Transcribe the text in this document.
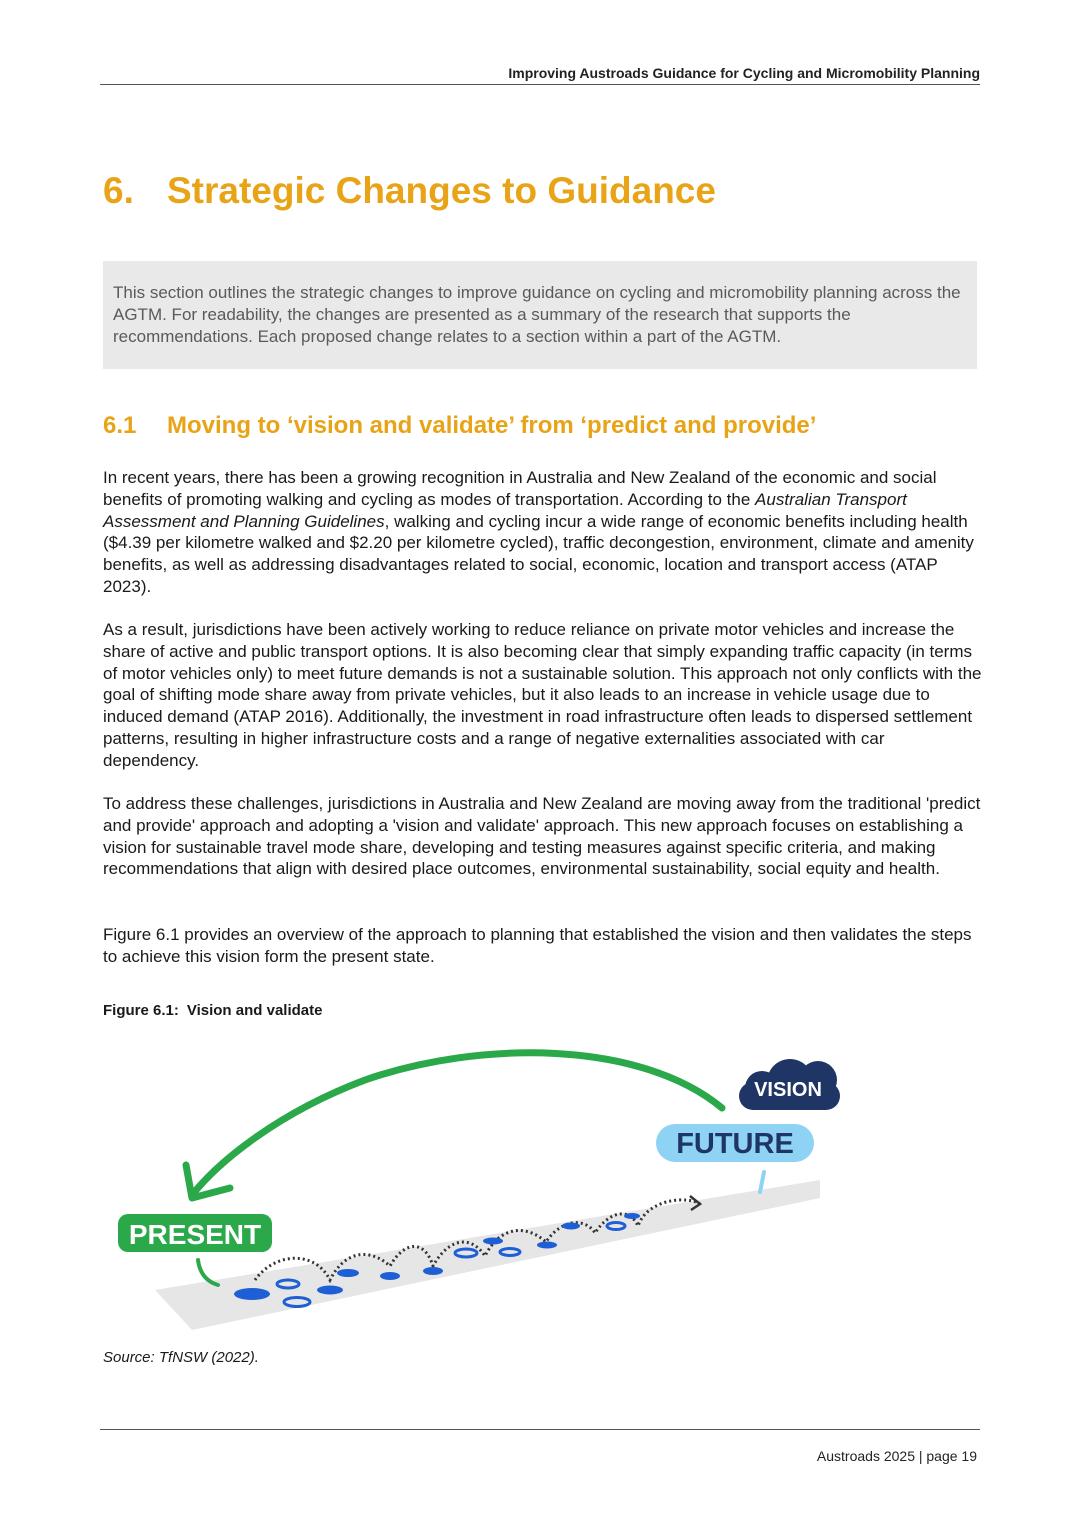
Improving Austroads Guidance for Cycling and Micromobility Planning
6. Strategic Changes to Guidance

This section outlines the strategic changes to improve guidance on cycling and micromobility planning across the AGTM. For readability, the changes are presented as a summary of the research that supports the recommendations. Each proposed change relates to a section within a part of the AGTM.

6.1 Moving to ‘vision and validate’ from ‘predict and provide’

In recent years, there has been a growing recognition in Australia and New Zealand of the economic and social benefits of promoting walking and cycling as modes of transportation. According to the Australian Transport Assessment and Planning Guidelines, walking and cycling incur a wide range of economic benefits including health ($4.39 per kilometre walked and $2.20 per kilometre cycled), traffic decongestion, environment, climate and amenity benefits, as well as addressing disadvantages related to social, economic, location and transport access (ATAP 2023).

As a result, jurisdictions have been actively working to reduce reliance on private motor vehicles and increase the share of active and public transport options. It is also becoming clear that simply expanding traffic capacity (in terms of motor vehicles only) to meet future demands is not a sustainable solution. This approach not only conflicts with the goal of shifting mode share away from private vehicles, but it also leads to an increase in vehicle usage due to induced demand (ATAP 2016). Additionally, the investment in road infrastructure often leads to dispersed settlement patterns, resulting in higher infrastructure costs and a range of negative externalities associated with car dependency.

To address these challenges, jurisdictions in Australia and New Zealand are moving away from the traditional 'predict and provide' approach and adopting a 'vision and validate' approach. This new approach focuses on establishing a vision for sustainable travel mode share, developing and testing measures against specific criteria, and making recommendations that align with desired place outcomes, environmental sustainability, social equity and health.

Figure 6.1 provides an overview of the approach to planning that established the vision and then validates the steps to achieve this vision form the present state.

Figure 6.1: Vision and validate
VISION
FUTURE
PRESENT
Source: TfNSW (2022).
Austroads 2025 | page 19
